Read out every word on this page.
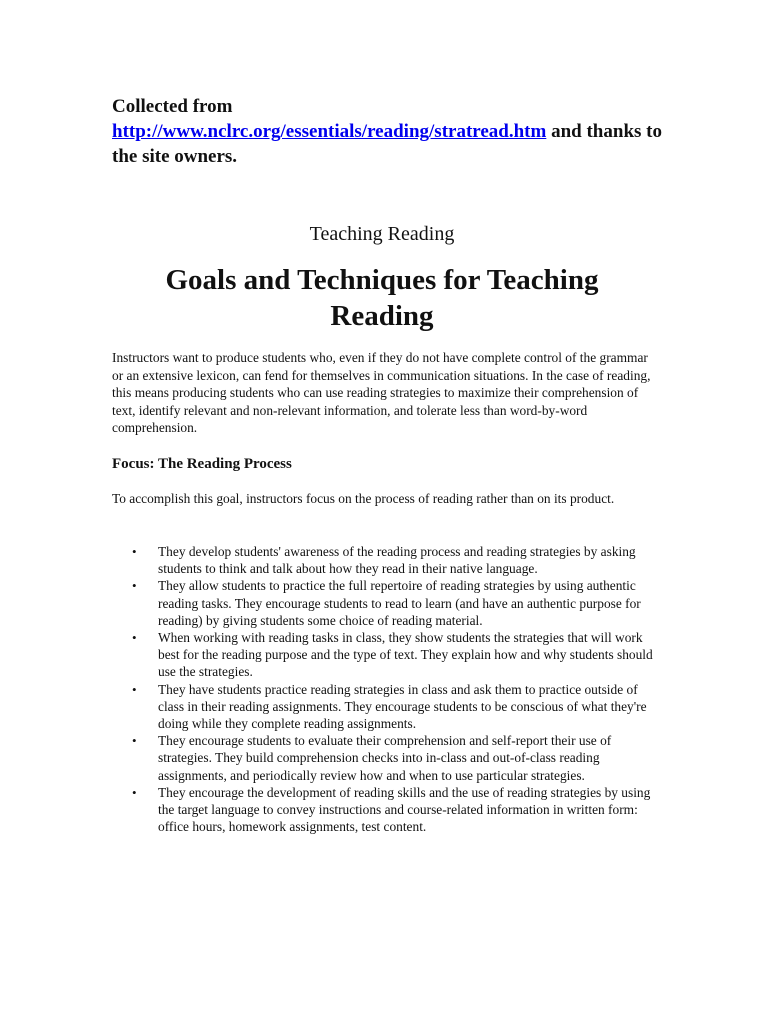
Collected from
http://www.nclrc.org/essentials/reading/stratread.htm and thanks to the site owners.
Teaching Reading
Goals and Techniques for Teaching Reading

Instructors want to produce students who, even if they do not have complete control of the grammar or an extensive lexicon, can fend for themselves in communication situations. In the case of reading, this means producing students who can use reading strategies to maximize their comprehension of text, identify relevant and non-relevant information, and tolerate less than word-by-word comprehension.

Focus: The Reading Process

To accomplish this goal, instructors focus on the process of reading rather than on its product.

• They develop students' awareness of the reading process and reading strategies by asking students to think and talk about how they read in their native language.
• They allow students to practice the full repertoire of reading strategies by using authentic reading tasks. They encourage students to read to learn (and have an authentic purpose for reading) by giving students some choice of reading material.
• When working with reading tasks in class, they show students the strategies that will work best for the reading purpose and the type of text. They explain how and why students should use the strategies.
• They have students practice reading strategies in class and ask them to practice outside of class in their reading assignments. They encourage students to be conscious of what they're doing while they complete reading assignments.
• They encourage students to evaluate their comprehension and self-report their use of strategies. They build comprehension checks into in-class and out-of-class reading assignments, and periodically review how and when to use particular strategies.
• They encourage the development of reading skills and the use of reading strategies by using the target language to convey instructions and course-related information in written form: office hours, homework assignments, test content.
